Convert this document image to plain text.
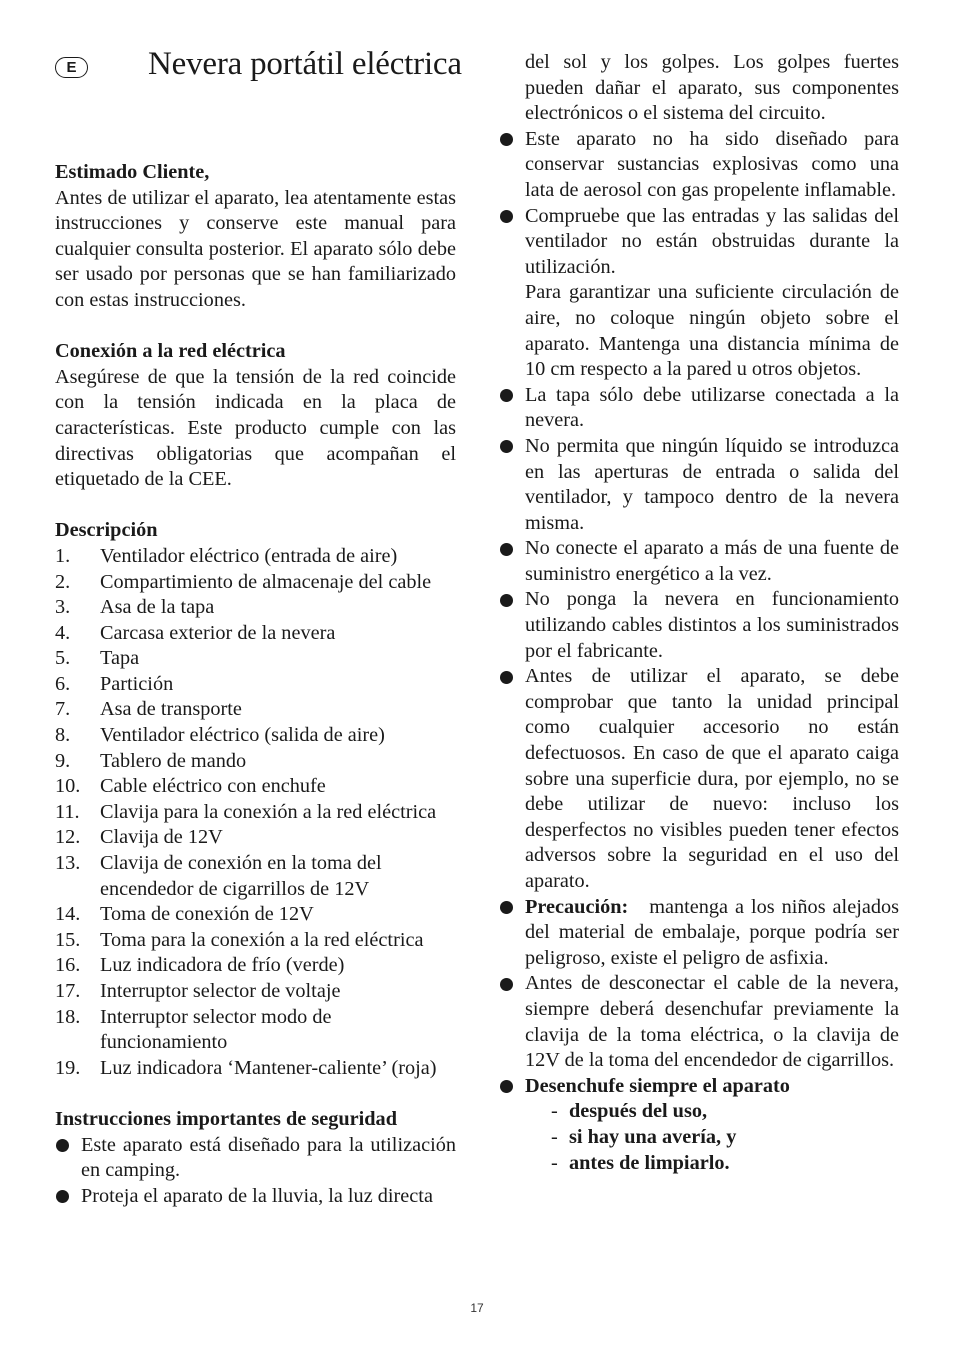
E Nevera portátil eléctrica

Estimado Cliente,

Antes de utilizar el aparato, lea atentamente estas instrucciones y conserve este manual para cualquier consulta posterior. El aparato sólo debe ser usado por personas que se han familiarizado con estas instrucciones.

Conexión a la red eléctrica

Asegúrese de que la tensión de la red coincide con la tensión indicada en la placa de características. Este producto cumple con las directivas obligatorias que acompañan el etiquetado de la CEE.

Descripción

1. Ventilador eléctrico (entrada de aire)
2. Compartimiento de almacenaje del cable
3. Asa de la tapa
4. Carcasa exterior de la nevera
5. Tapa
6. Partición
7. Asa de transporte
8. Ventilador eléctrico (salida de aire)
9. Tablero de mando
10. Cable eléctrico con enchufe
11. Clavija para la conexión a la red eléctrica
12. Clavija de 12V
13. Clavija de conexión en la toma del encendedor de cigarrillos de 12V
14. Toma de conexión de 12V
15. Toma para la conexión a la red eléctrica
16. Luz indicadora de frío (verde)
17. Interruptor selector de voltaje
18. Interruptor selector modo de funcionamiento
19. Luz indicadora ‘Mantener-caliente’ (roja)

Instrucciones importantes de seguridad

Este aparato está diseñado para la utilización en camping.
Proteja el aparato de la lluvia, la luz directa

del sol y los golpes. Los golpes fuertes pueden dañar el aparato, sus componentes electrónicos o el sistema del circuito.

Este aparato no ha sido diseñado para conservar sustancias explosivas como una lata de aerosol con gas propelente inflamable.
Compruebe que las entradas y las salidas del ventilador no están obstruidas durante la utilización.
Para garantizar una suficiente circulación de aire, no coloque ningún objeto sobre el aparato. Mantenga una distancia mínima de 10 cm respecto a la pared u otros objetos.
La tapa sólo debe utilizarse conectada a la nevera.
No permita que ningún líquido se introduzca en las aperturas de entrada o salida del ventilador, y tampoco dentro de la nevera misma.
No conecte el aparato a más de una fuente de suministro energético a la vez.
No ponga la nevera en funcionamiento utilizando cables distintos a los suministrados por el fabricante.
Antes de utilizar el aparato, se debe comprobar que tanto la unidad principal como cualquier accesorio no están defectuosos. En caso de que el aparato caiga sobre una superficie dura, por ejemplo, no se debe utilizar de nuevo: incluso los desperfectos no visibles pueden tener efectos adversos sobre la seguridad en el uso del aparato.
Precaución: mantenga a los niños alejados del material de embalaje, porque podría ser peligroso, existe el peligro de asfixia.
Antes de desconectar el cable de la nevera, siempre deberá desenchufar previamente la clavija de la toma eléctrica, o la clavija de 12V de la toma del encendedor de cigarrillos.
Desenchufe siempre el aparato
- después del uso,
- si hay una avería, y
- antes de limpiarlo.
17
